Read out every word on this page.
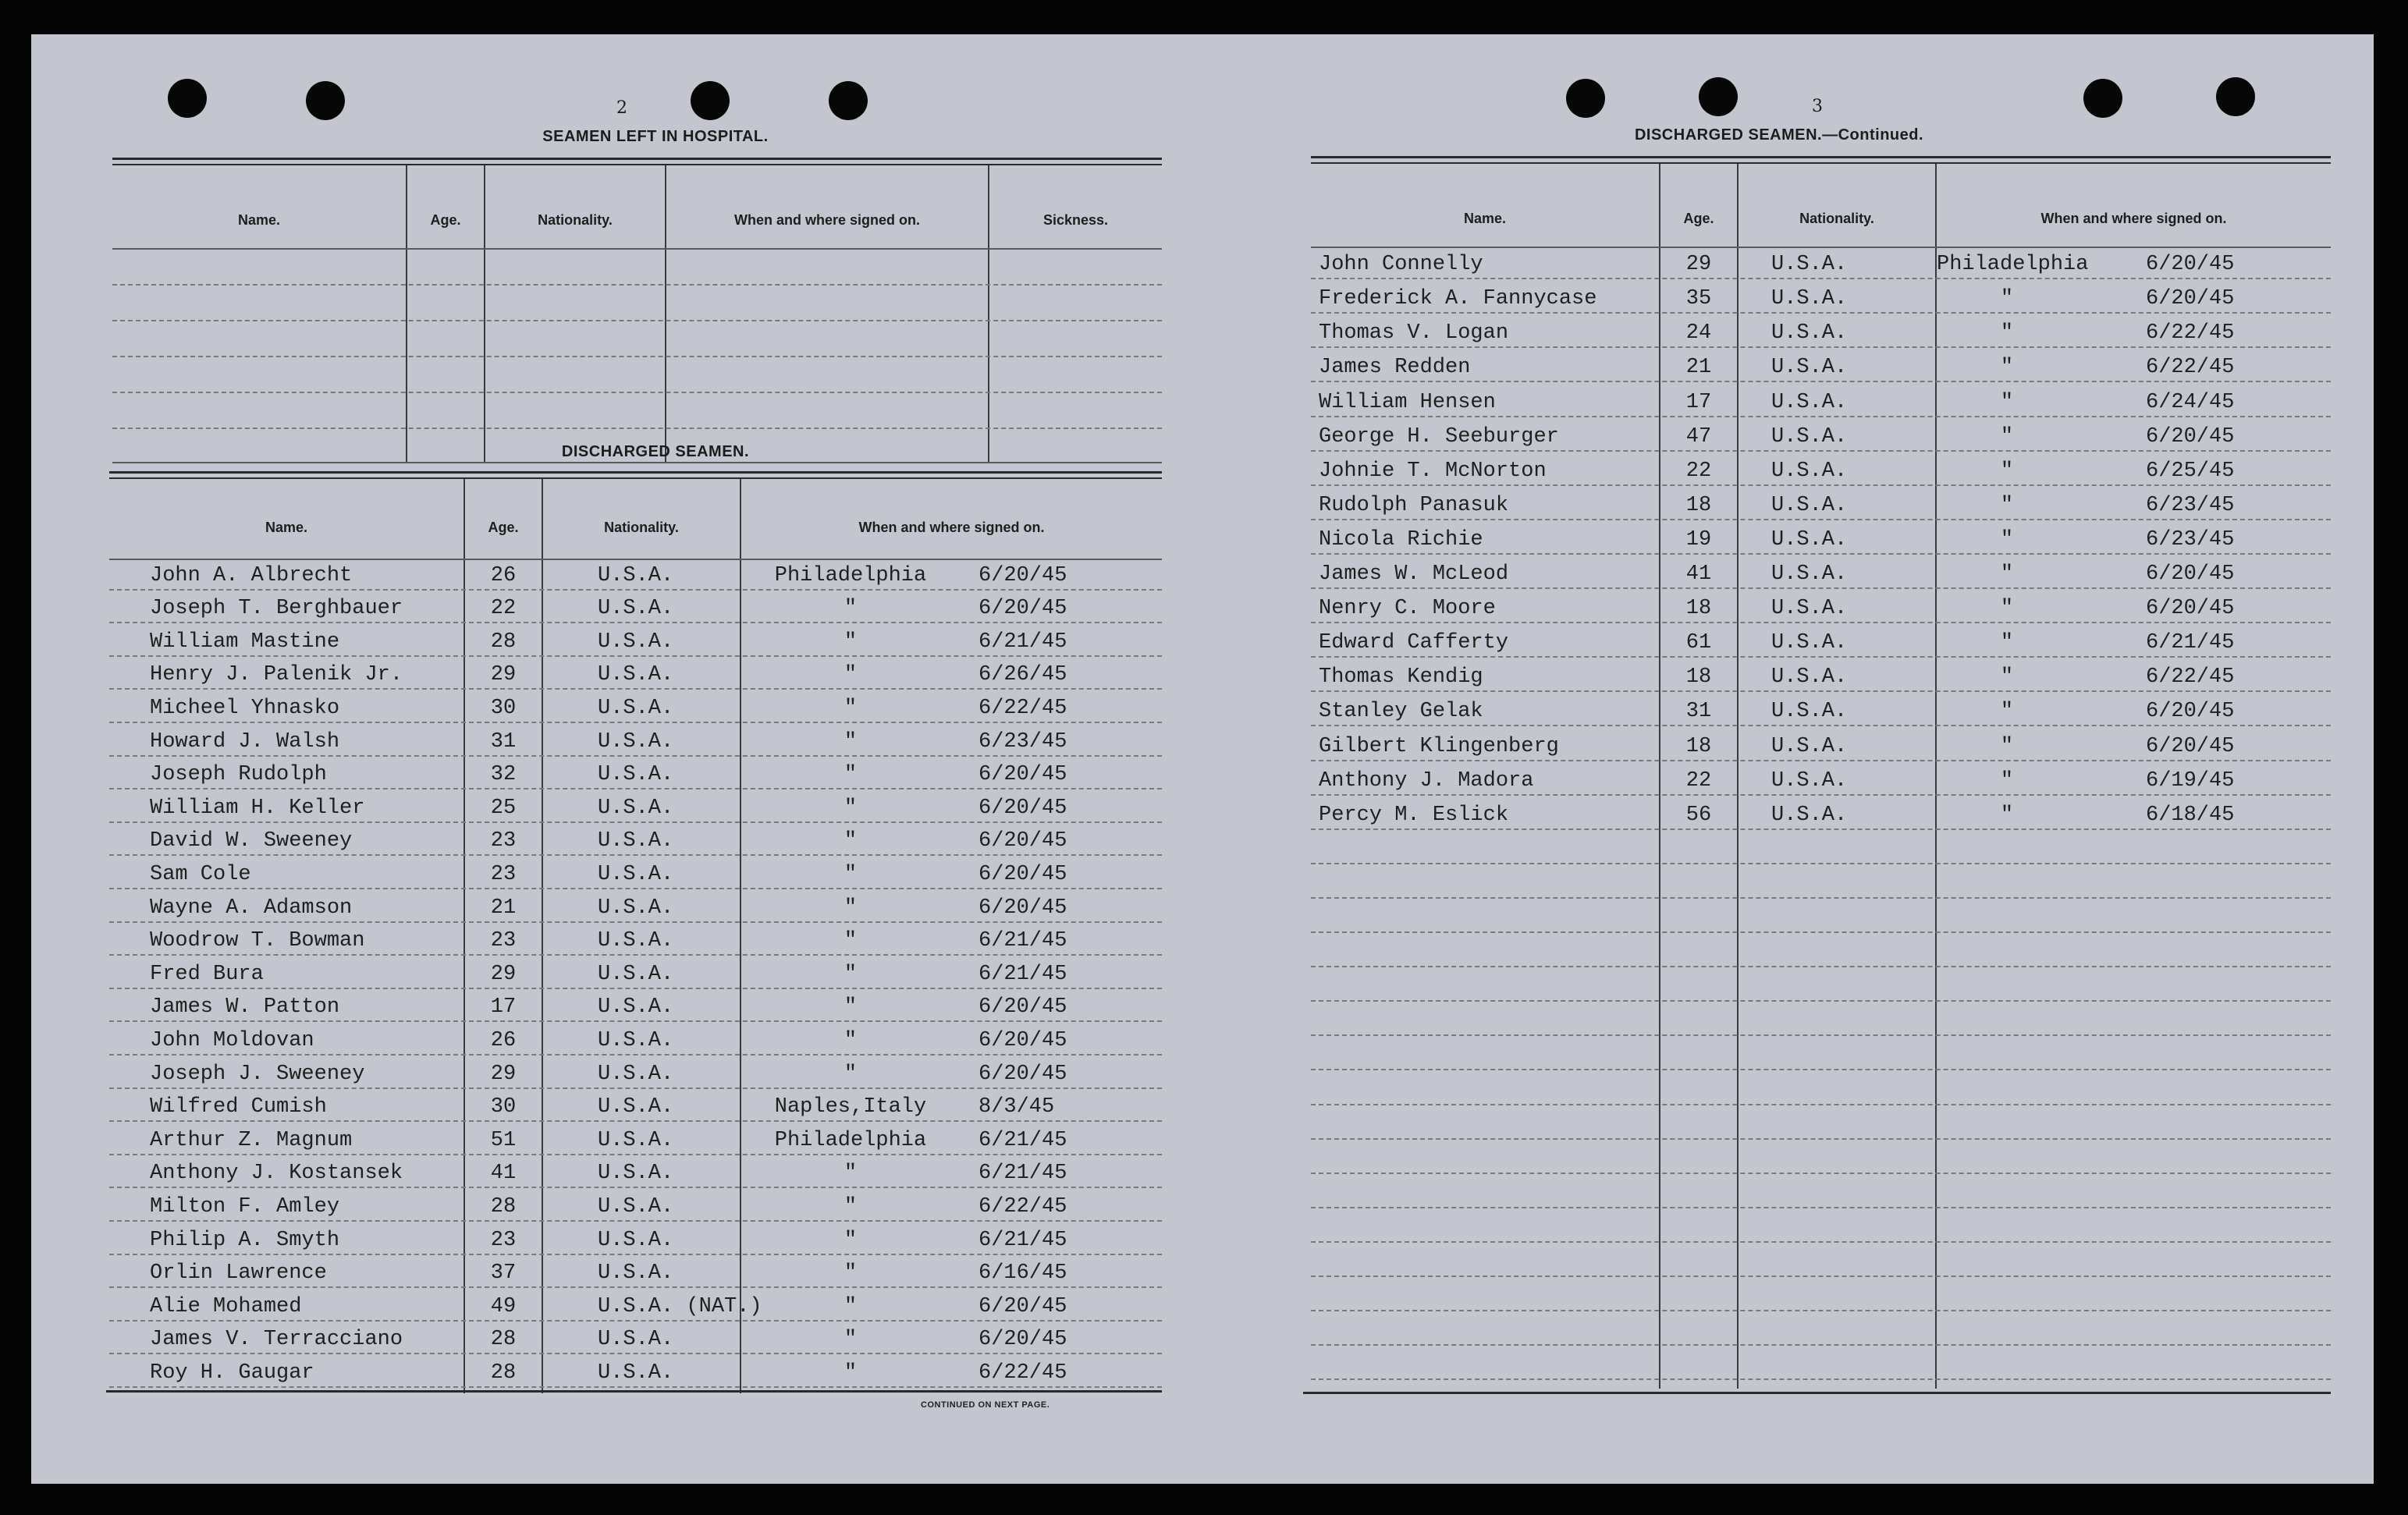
2
SEAMEN LEFT IN HOSPITAL.
Name.	Age.	Nationality.	When and where signed on.	Sickness.
DISCHARGED SEAMEN.
Name.	Age.	Nationality.	When and where signed on.
John A. Albrecht	26	U.S.A.	Philadelphia	6/20/45
Joseph T. Berghbauer	22	U.S.A.	"	6/20/45
William Mastine	28	U.S.A.	"	6/21/45
Henry J. Palenik Jr.	29	U.S.A.	"	6/26/45
Micheel Yhnasko	30	U.S.A.	"	6/22/45
Howard J. Walsh	31	U.S.A.	"	6/23/45
Joseph Rudolph	32	U.S.A.	"	6/20/45
William H. Keller	25	U.S.A.	"	6/20/45
David W. Sweeney	23	U.S.A.	"	6/20/45
Sam Cole	23	U.S.A.	"	6/20/45
Wayne A. Adamson	21	U.S.A.	"	6/20/45
Woodrow T. Bowman	23	U.S.A.	"	6/21/45
Fred Bura	29	U.S.A.	"	6/21/45
James W. Patton	17	U.S.A.	"	6/20/45
John Moldovan	26	U.S.A.	"	6/20/45
Joseph J. Sweeney	29	U.S.A.	"	6/20/45
Wilfred Cumish	30	U.S.A.	Naples,Italy	8/3/45
Arthur Z. Magnum	51	U.S.A.	Philadelphia	6/21/45
Anthony J. Kostansek	41	U.S.A.	"	6/21/45
Milton F. Amley	28	U.S.A.	"	6/22/45
Philip A. Smyth	23	U.S.A.	"	6/21/45
Orlin Lawrence	37	U.S.A.	"	6/16/45
Alie Mohamed	49	U.S.A. (NAT.)	"	6/20/45
James V. Terracciano	28	U.S.A.	"	6/20/45
Roy H. Gaugar	28	U.S.A.	"	6/22/45
CONTINUED ON NEXT PAGE.
3
DISCHARGED SEAMEN.—Continued.
Name.	Age.	Nationality.	When and where signed on.
John Connelly	29	U.S.A.	Philadelphia	6/20/45
Frederick A. Fannycase	35	U.S.A.	"	6/20/45
Thomas V. Logan	24	U.S.A.	"	6/22/45
James Redden	21	U.S.A.	"	6/22/45
William Hensen	17	U.S.A.	"	6/24/45
George H. Seeburger	47	U.S.A.	"	6/20/45
Johnie T. McNorton	22	U.S.A.	"	6/25/45
Rudolph Panasuk	18	U.S.A.	"	6/23/45
Nicola Richie	19	U.S.A.	"	6/23/45
James W. McLeod	41	U.S.A.	"	6/20/45
Nenry C. Moore	18	U.S.A.	"	6/20/45
Edward Cafferty	61	U.S.A.	"	6/21/45
Thomas Kendig	18	U.S.A.	"	6/22/45
Stanley Gelak	31	U.S.A.	"	6/20/45
Gilbert Klingenberg	18	U.S.A.	"	6/20/45
Anthony J. Madora	22	U.S.A.	"	6/19/45
Percy M. Eslick	56	U.S.A.	"	6/18/45
